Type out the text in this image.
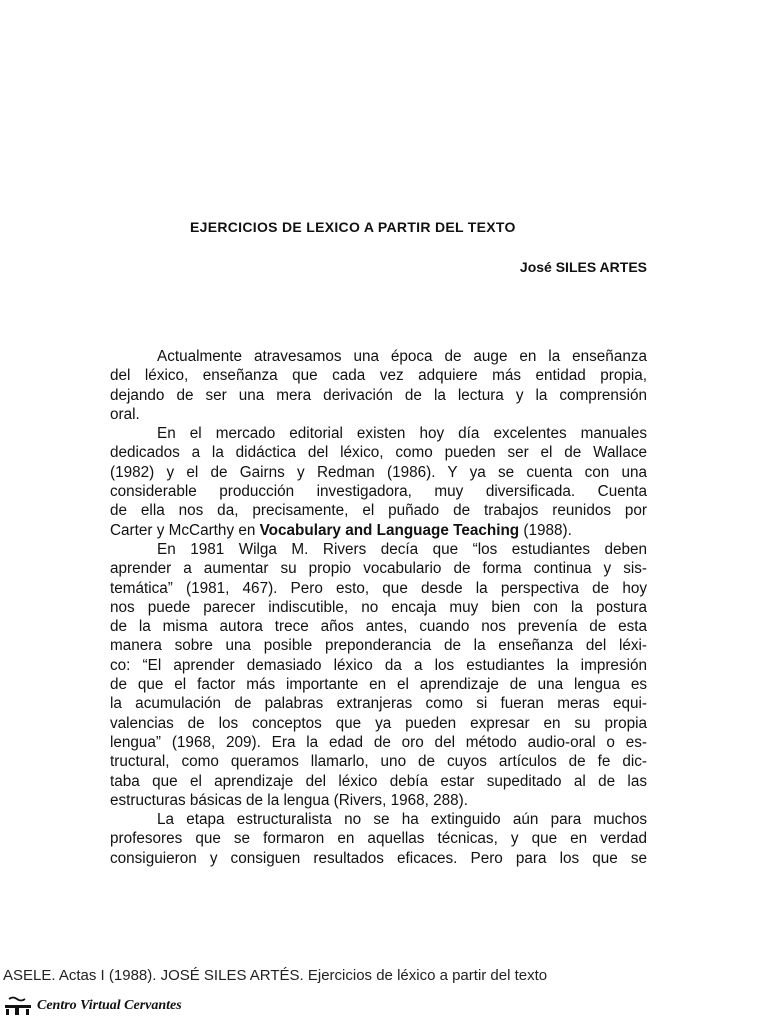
EJERCICIOS DE LEXICO A PARTIR DEL TEXTO

José SILES ARTES

Actualmente atravesamos una época de auge en la enseñanza
del léxico, enseñanza que cada vez adquiere más entidad propia,
dejando de ser una mera derivación de la lectura y la comprensión
oral.
En el mercado editorial existen hoy día excelentes manuales
dedicados a la didáctica del léxico, como pueden ser el de Wallace
(1982) y el de Gairns y Redman (1986). Y ya se cuenta con una
considerable producción investigadora, muy diversificada. Cuenta
de ella nos da, precisamente, el puñado de trabajos reunidos por
Carter y McCarthy en Vocabulary and Language Teaching (1988).
En 1981 Wilga M. Rivers decía que “los estudiantes deben
aprender a aumentar su propio vocabulario de forma continua y sis-
temática” (1981, 467). Pero esto, que desde la perspectiva de hoy
nos puede parecer indiscutible, no encaja muy bien con la postura
de la misma autora trece años antes, cuando nos prevenía de esta
manera sobre una posible preponderancia de la enseñanza del léxi-
co: “El aprender demasiado léxico da a los estudiantes la impresión
de que el factor más importante en el aprendizaje de una lengua es
la acumulación de palabras extranjeras como si fueran meras equi-
valencias de los conceptos que ya pueden expresar en su propia
lengua” (1968, 209). Era la edad de oro del método audio-oral o es-
tructural, como queramos llamarlo, uno de cuyos artículos de fe dic-
taba que el aprendizaje del léxico debía estar supeditado al de las
estructuras básicas de la lengua (Rivers, 1968, 288).
La etapa estructuralista no se ha extinguido aún para muchos
profesores que se formaron en aquellas técnicas, y que en verdad
consiguieron y consiguen resultados eficaces. Pero para los que se

ASELE. Actas I (1988). JOSÉ SILES ARTÉS. Ejercicios de léxico a partir del texto

Centro Virtual Cervantes
